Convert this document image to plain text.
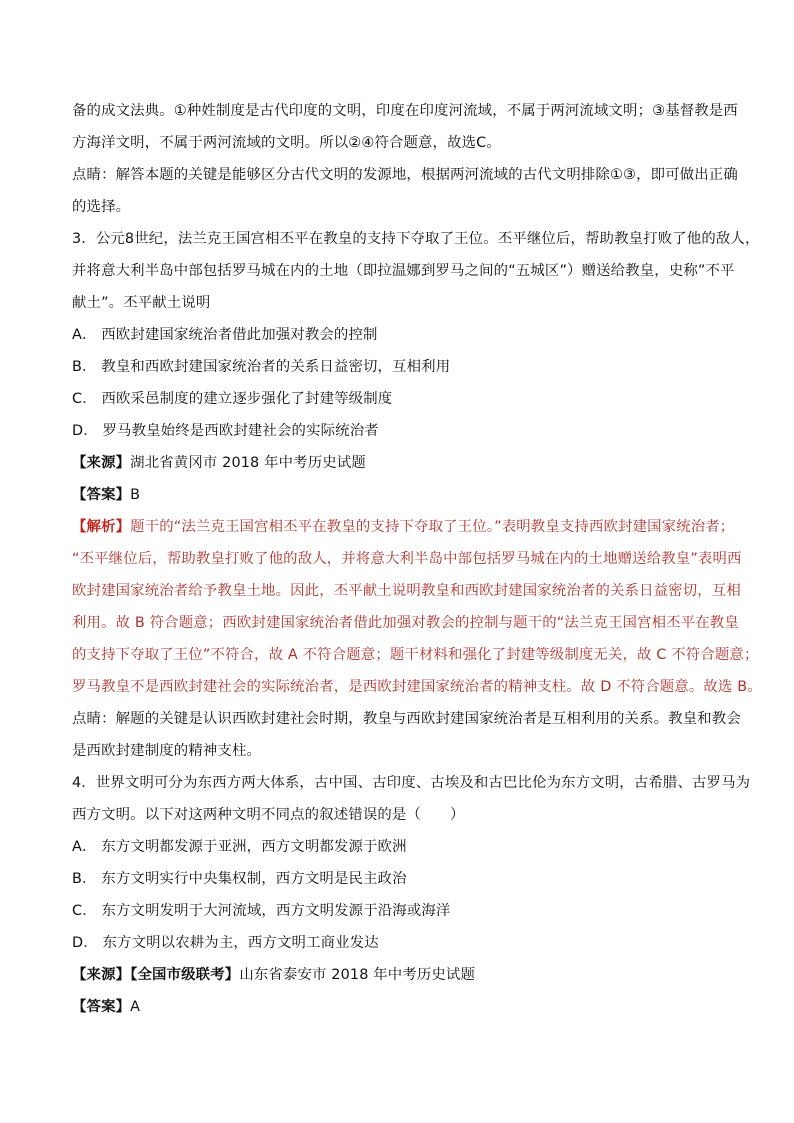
备的成文法典。①种姓制度是古代印度的文明，印度在印度河流域，不属于两河流域文明；③基督教是西
方海洋文明，不属于两河流域的文明。所以②④符合题意，故选C。
点睛：解答本题的关键是能够区分古代文明的发源地，根据两河流域的古代文明排除①③，即可做出正确
的选择。
3．公元8世纪，法兰克王国宫相丕平在教皇的支持下夺取了王位。丕平继位后，帮助教皇打败了他的敌人，
并将意大利半岛中部包括罗马城在内的土地（即拉温娜到罗马之间的“五城区”）赠送给教皇，史称”不平
献土”。丕平献土说明
A． 西欧封建国家统治者借此加强对教会的控制
B． 教皇和西欧封建国家统治者的关系日益密切，互相利用
C． 西欧采邑制度的建立逐步强化了封建等级制度
D． 罗马教皇始终是西欧封建社会的实际统治者
【来源】湖北省黄冈市 2018 年中考历史试题
【答案】B
【解析】题干的“法兰克王国宫相丕平在教皇的支持下夺取了王位。”表明教皇支持西欧封建国家统治者；
“丕平继位后，帮助教皇打败了他的敌人，并将意大利半岛中部包括罗马城在内的土地赠送给教皇”表明西
欧封建国家统治者给予教皇土地。因此，丕平献土说明教皇和西欧封建国家统治者的关系日益密切，互相
利用。故 B 符合题意；西欧封建国家统治者借此加强对教会的控制与题干的“法兰克王国宫相丕平在教皇
的支持下夺取了王位”不符合，故 A 不符合题意；题干材料和强化了封建等级制度无关，故 C 不符合题意；
罗马教皇不是西欧封建社会的实际统治者，是西欧封建国家统治者的精神支柱。故 D 不符合题意。故选 B。
点睛：解题的关键是认识西欧封建社会时期，教皇与西欧封建国家统治者是互相利用的关系。教皇和教会
是西欧封建制度的精神支柱。
4．世界文明可分为东西方两大体系，古中国、古印度、古埃及和古巴比伦为东方文明，古希腊、古罗马为
西方文明。以下对这两种文明不同点的叙述错误的是（　　）
A． 东方文明都发源于亚洲，西方文明都发源于欧洲
B． 东方文明实行中央集权制，西方文明是民主政治
C． 东方文明发明于大河流域，西方文明发源于沿海或海洋
D． 东方文明以农耕为主，西方文明工商业发达
【来源】【全国市级联考】山东省泰安市 2018 年中考历史试题
【答案】A
